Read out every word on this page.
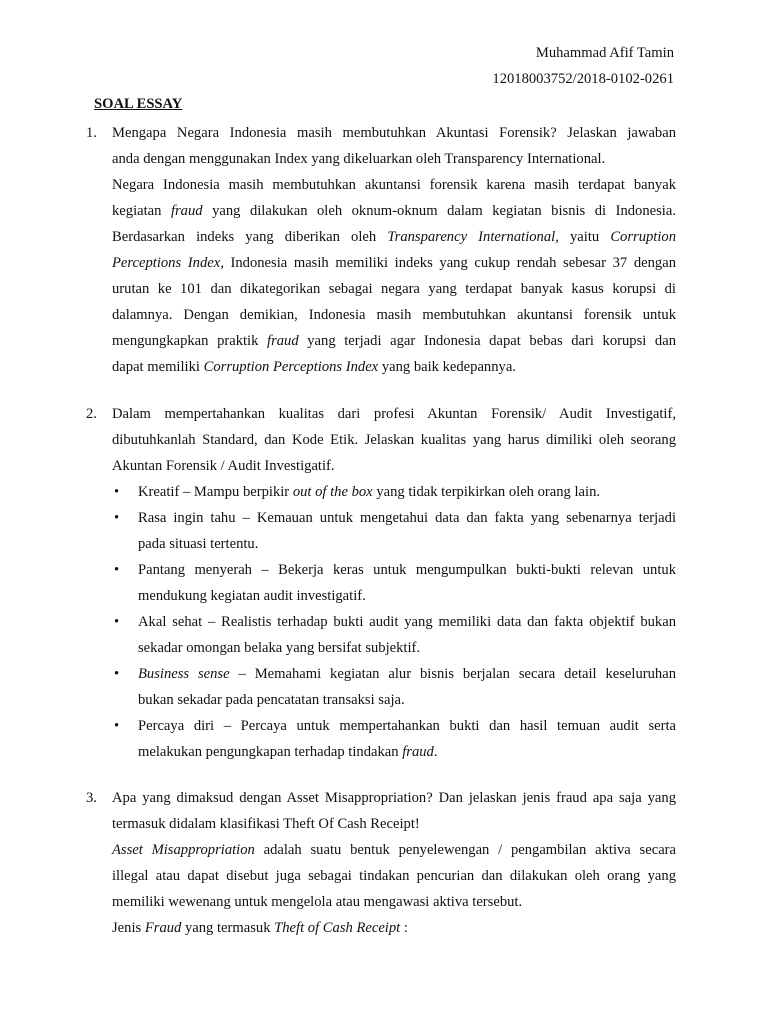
Muhammad Afif Tamin
12018003752/2018-0102-0261
SOAL ESSAY
1. Mengapa Negara Indonesia masih membutuhkan Akuntasi Forensik? Jelaskan jawaban
anda dengan menggunakan Index yang dikeluarkan oleh Transparency International.
Negara Indonesia masih membutuhkan akuntansi forensik karena masih terdapat banyak
kegiatan fraud yang dilakukan oleh oknum-oknum dalam kegiatan bisnis di Indonesia.
Berdasarkan indeks yang diberikan oleh Transparency International, yaitu Corruption
Perceptions Index, Indonesia masih memiliki indeks yang cukup rendah sebesar 37 dengan
urutan ke 101 dan dikategorikan sebagai negara yang terdapat banyak kasus korupsi di
dalamnya. Dengan demikian, Indonesia masih membutuhkan akuntansi forensik untuk
mengungkapkan praktik fraud yang terjadi agar Indonesia dapat bebas dari korupsi dan
dapat memiliki Corruption Perceptions Index yang baik kedepannya.
2. Dalam mempertahankan kualitas dari profesi Akuntan Forensik/ Audit Investigatif,
dibutuhkanlah Standard, dan Kode Etik. Jelaskan kualitas yang harus dimiliki oleh seorang
Akuntan Forensik / Audit Investigatif.
• Kreatif – Mampu berpikir out of the box yang tidak terpikirkan oleh orang lain.
• Rasa ingin tahu – Kemauan untuk mengetahui data dan fakta yang sebenarnya terjadi
pada situasi tertentu.
• Pantang menyerah – Bekerja keras untuk mengumpulkan bukti-bukti relevan untuk
mendukung kegiatan audit investigatif.
• Akal sehat – Realistis terhadap bukti audit yang memiliki data dan fakta objektif bukan
sekadar omongan belaka yang bersifat subjektif.
• Business sense – Memahami kegiatan alur bisnis berjalan secara detail keseluruhan
bukan sekadar pada pencatatan transaksi saja.
• Percaya diri – Percaya untuk mempertahankan bukti dan hasil temuan audit serta
melakukan pengungkapan terhadap tindakan fraud.
3. Apa yang dimaksud dengan Asset Misappropriation? Dan jelaskan jenis fraud apa saja yang
termasuk didalam klasifikasi Theft Of Cash Receipt!
Asset Misappropriation adalah suatu bentuk penyelewengan / pengambilan aktiva secara
illegal atau dapat disebut juga sebagai tindakan pencurian dan dilakukan oleh orang yang
memiliki wewenang untuk mengelola atau mengawasi aktiva tersebut.
Jenis Fraud yang termasuk Theft of Cash Receipt :
